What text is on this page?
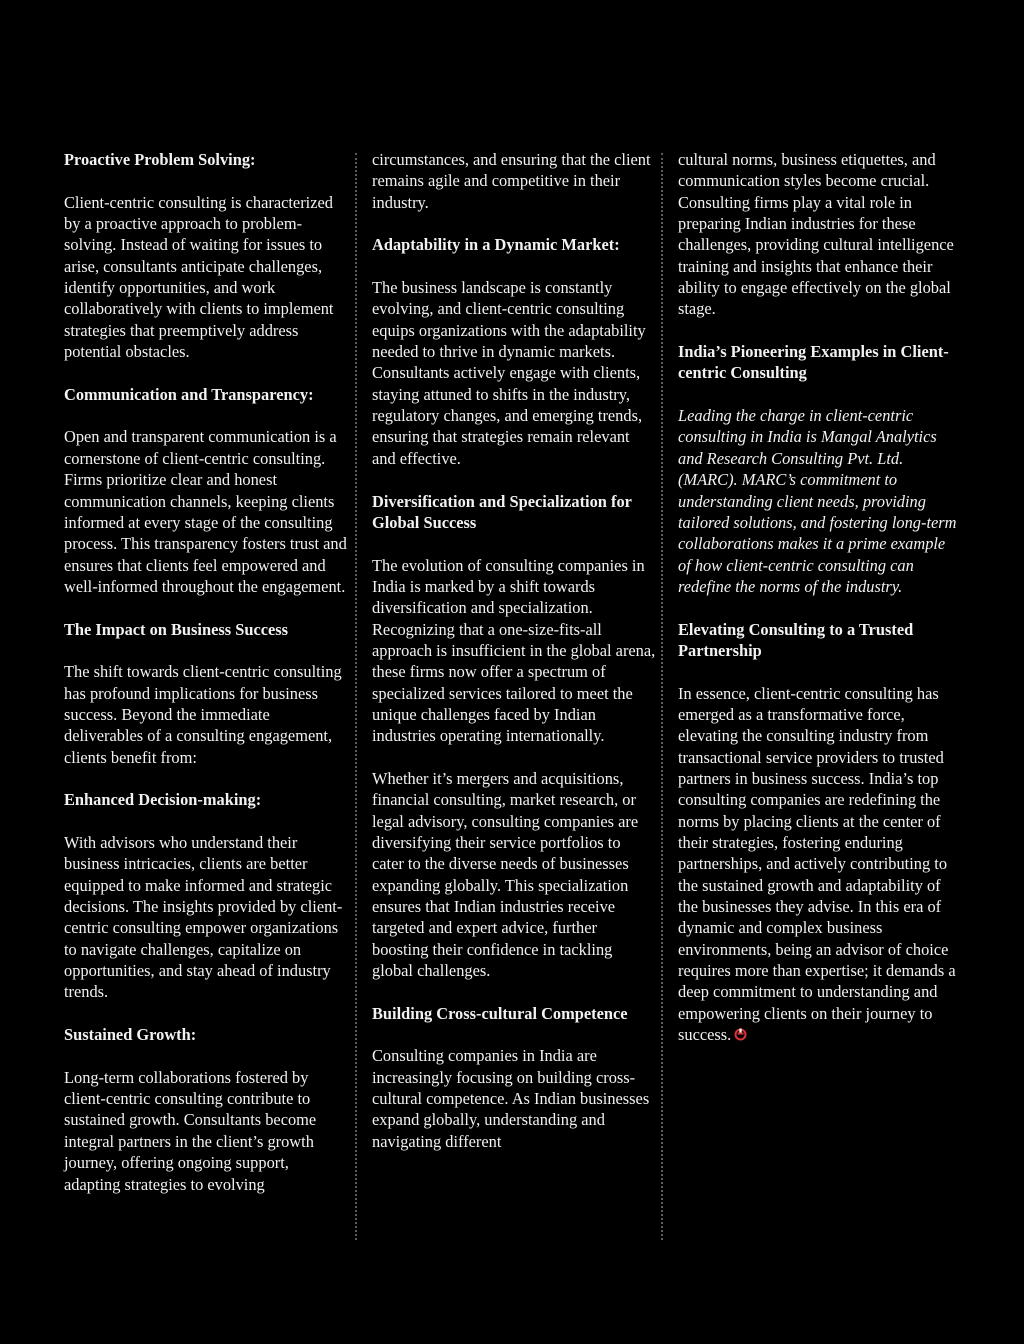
Proactive Problem Solving:

Client-centric consulting is characterized by a proactive approach to problem-solving. Instead of waiting for issues to arise, consultants anticipate challenges, identify opportunities, and work collaboratively with clients to implement strategies that preemptively address potential obstacles.

Communication and Transparency:

Open and transparent communication is a cornerstone of client-centric consulting. Firms prioritize clear and honest communication channels, keeping clients informed at every stage of the consulting process. This transparency fosters trust and ensures that clients feel empowered and well-informed throughout the engagement.

The Impact on Business Success

The shift towards client-centric consulting has profound implications for business success. Beyond the immediate deliverables of a consulting engagement, clients benefit from:

Enhanced Decision-making:

With advisors who understand their business intricacies, clients are better equipped to make informed and strategic decisions. The insights provided by client-centric consulting empower organizations to navigate challenges, capitalize on opportunities, and stay ahead of industry trends.

Sustained Growth:

Long-term collaborations fostered by client-centric consulting contribute to sustained growth. Consultants become integral partners in the client’s growth journey, offering ongoing support, adapting strategies to evolving

circumstances, and ensuring that the client remains agile and competitive in their industry.

Adaptability in a Dynamic Market:

The business landscape is constantly evolving, and client-centric consulting equips organizations with the adaptability needed to thrive in dynamic markets. Consultants actively engage with clients, staying attuned to shifts in the industry, regulatory changes, and emerging trends, ensuring that strategies remain relevant and effective.

Diversification and Specialization for Global Success

The evolution of consulting companies in India is marked by a shift towards diversification and specialization. Recognizing that a one-size-fits-all approach is insufficient in the global arena, these firms now offer a spectrum of specialized services tailored to meet the unique challenges faced by Indian industries operating internationally.

Whether it’s mergers and acquisitions, financial consulting, market research, or legal advisory, consulting companies are diversifying their service portfolios to cater to the diverse needs of businesses expanding globally. This specialization ensures that Indian industries receive targeted and expert advice, further boosting their confidence in tackling global challenges.

Building Cross-cultural Competence

Consulting companies in India are increasingly focusing on building cross-cultural competence. As Indian businesses expand globally, understanding and navigating different

cultural norms, business etiquettes, and communication styles become crucial. Consulting firms play a vital role in preparing Indian industries for these challenges, providing cultural intelligence training and insights that enhance their ability to engage effectively on the global stage.

India’s Pioneering Examples in Client-centric Consulting

Leading the charge in client-centric consulting in India is Mangal Analytics and Research Consulting Pvt. Ltd. (MARC). MARC’s commitment to understanding client needs, providing tailored solutions, and fostering long-term collaborations makes it a prime example of how client-centric consulting can redefine the norms of the industry.

Elevating Consulting to a Trusted Partnership

In essence, client-centric consulting has emerged as a transformative force, elevating the consulting industry from transactional service providers to trusted partners in business success. India’s top consulting companies are redefining the norms by placing clients at the center of their strategies, fostering enduring partnerships, and actively contributing to the sustained growth and adaptability of the businesses they advise. In this era of dynamic and complex business environments, being an advisor of choice requires more than expertise; it demands a deep commitment to understanding and empowering clients on their journey to success.
